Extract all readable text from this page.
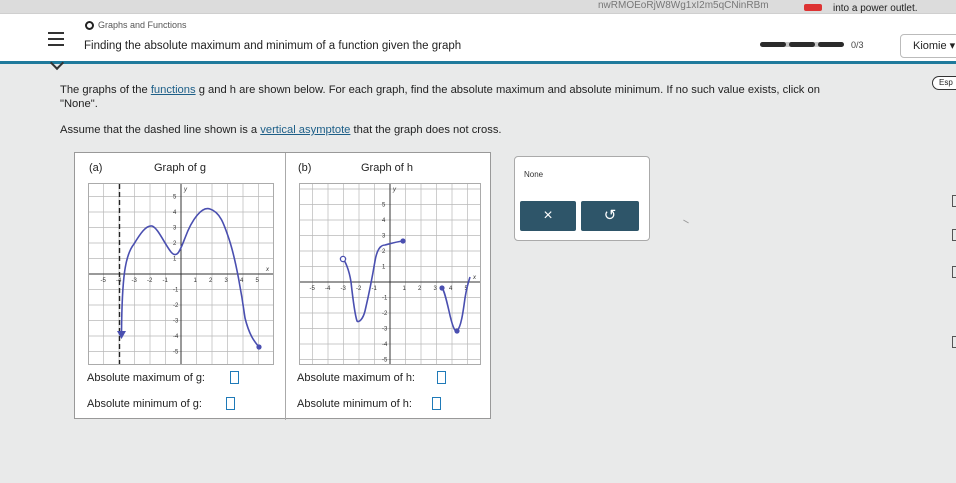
nwRMOEoRjW8Wg1xI2m5qCNinRBm	into a power outlet.
Graphs and Functions
Finding the absolute maximum and minimum of a function given the graph	0/3	Kiomie ▾
Esp
The graphs of the functions g and h are shown below. For each graph, find the absolute maximum and absolute minimum. If no such value exists, click on
"None".
Assume that the dashed line shown is a vertical asymptote that the graph does not cross.
(a)	Graph of g
-5 -4 -3 -2 -1	1 2 3 4 5
5
4
3
2
1
-1
-2
-3
-4
-5
x
y
Absolute maximum of g:
Absolute minimum of g:
(b)	Graph of h
-5 -4 -3 -2 -1	1 2 3 4 5
5
4
3
2
1
-1
-2
-3
-4
-5
x
y
Absolute maximum of h:
Absolute minimum of h:
None
×	↺
